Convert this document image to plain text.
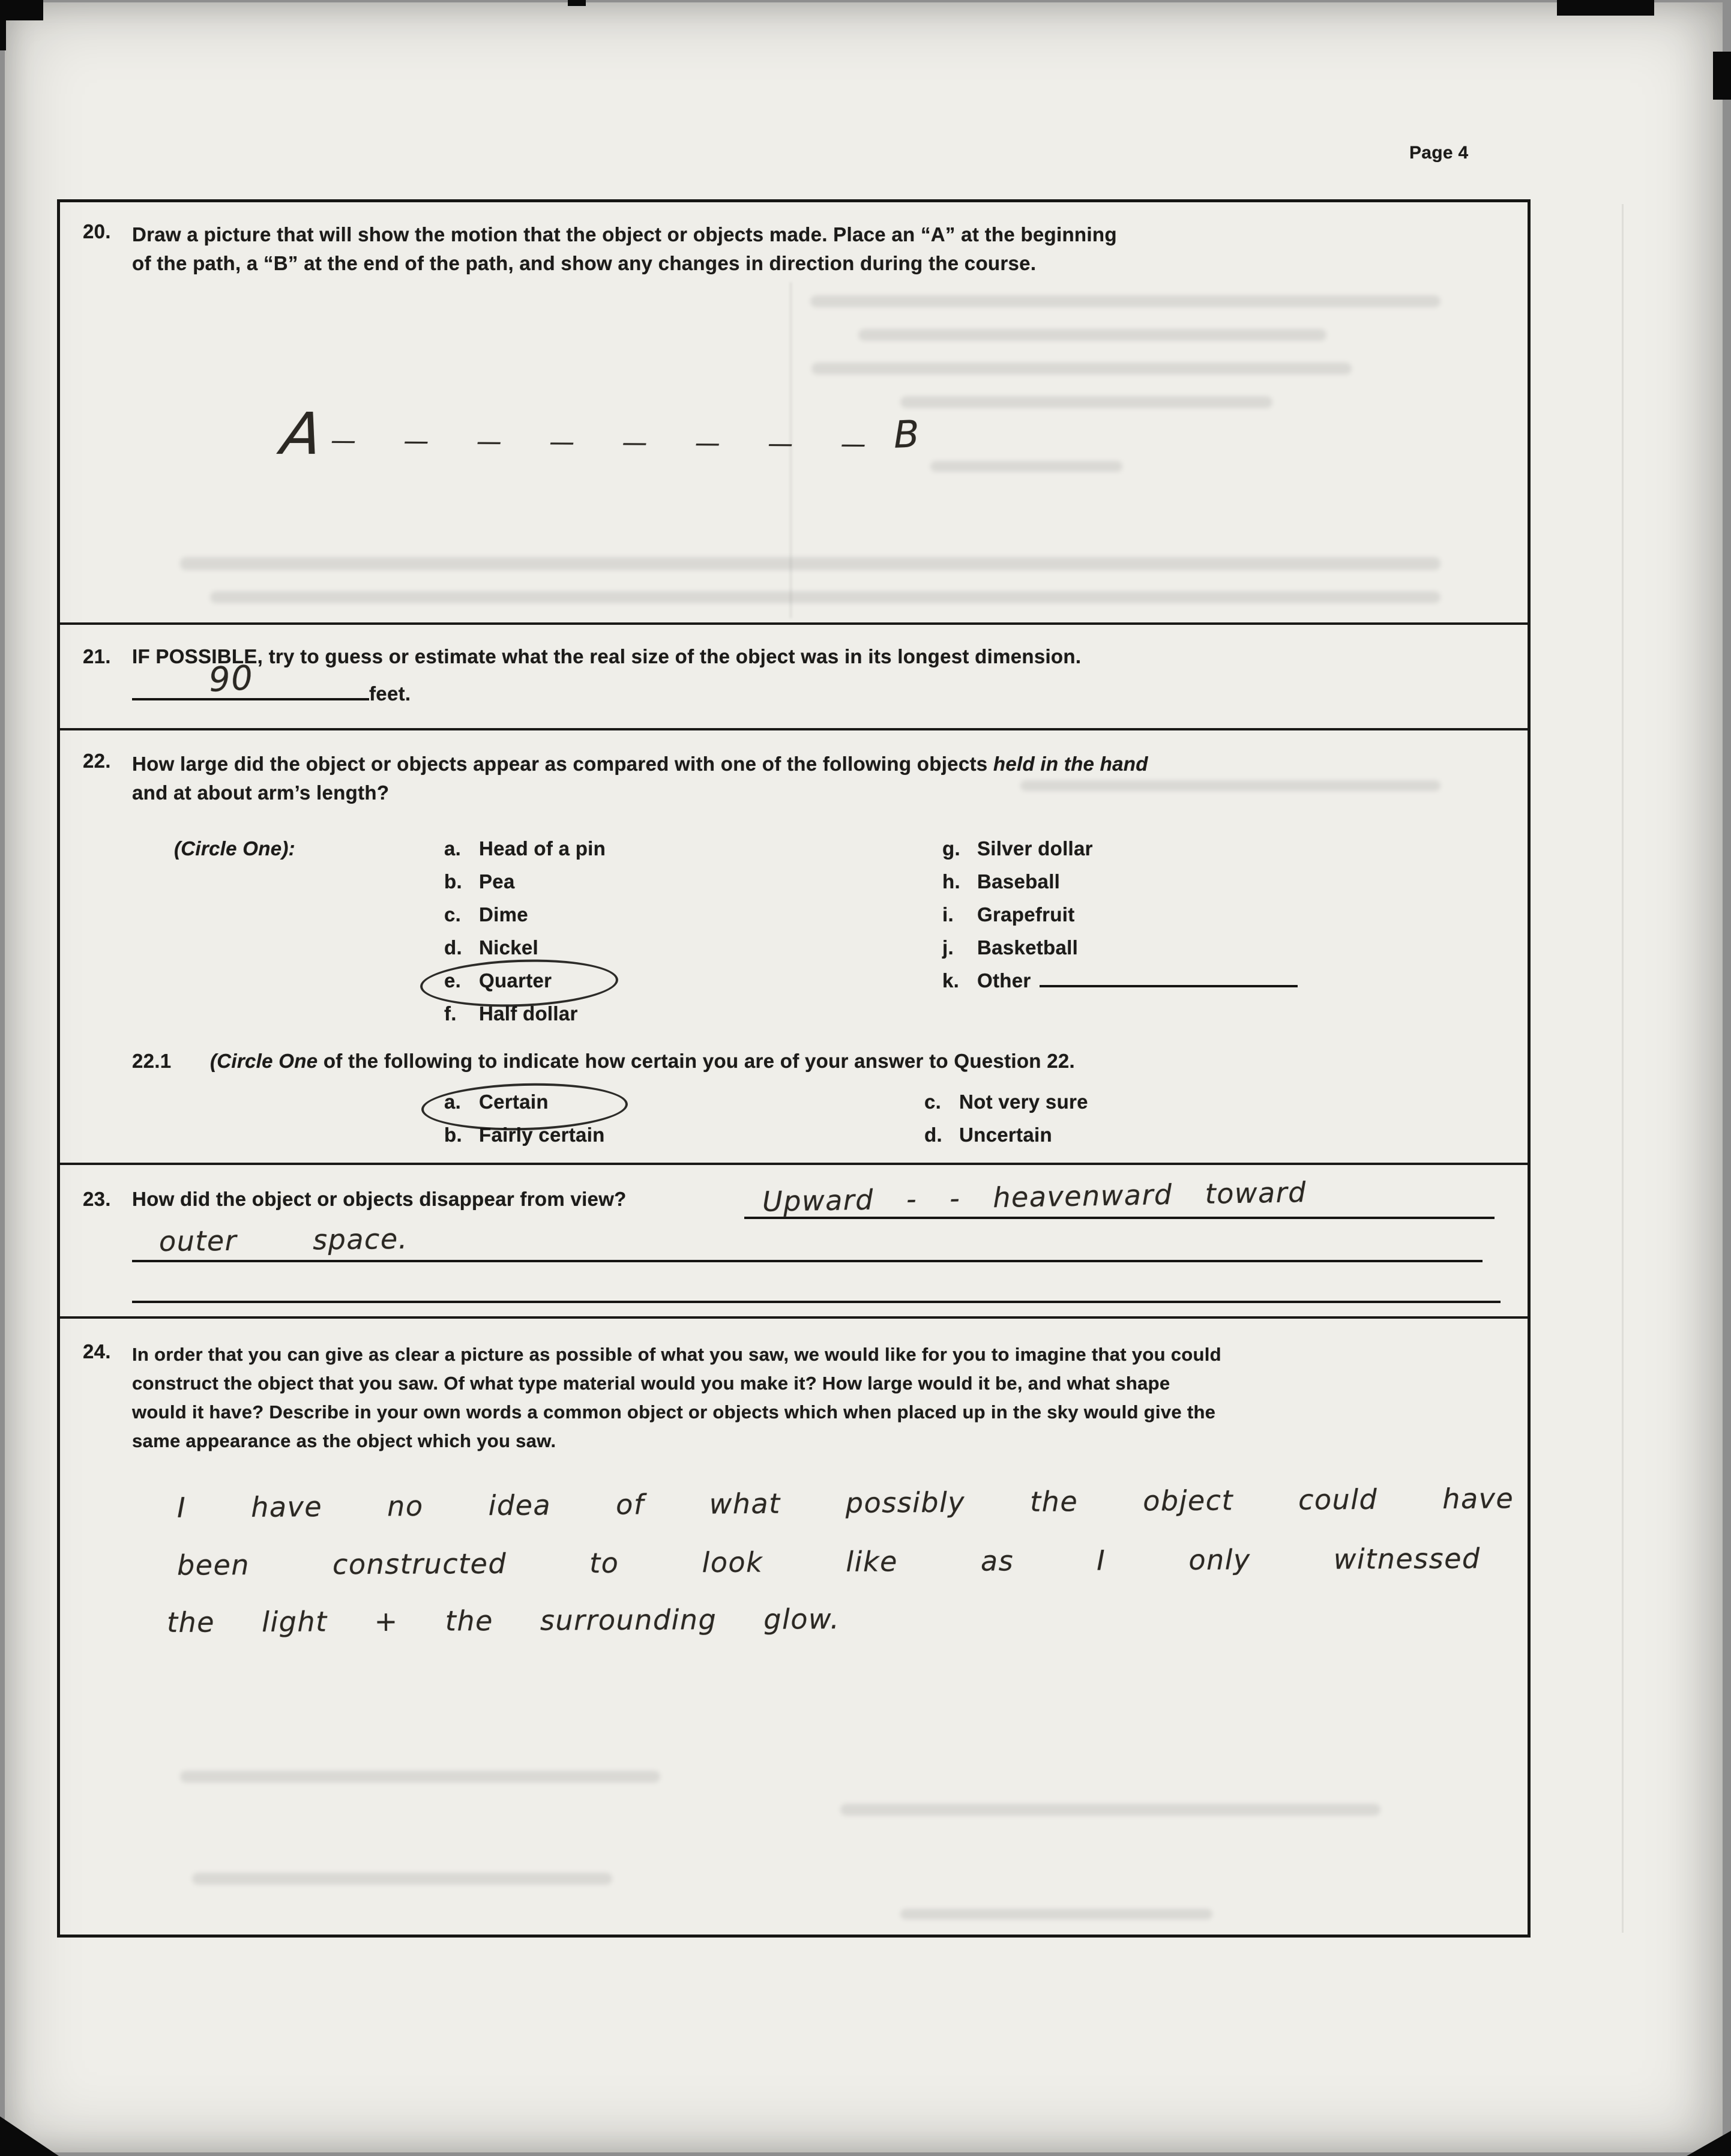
Page 4
20. Draw a picture that will show the motion that the object or objects made. Place an “A” at the beginning
of the path, a “B” at the end of the path, and show any changes in direction during the course.
A — — — — — — — — B
21. IF POSSIBLE, try to guess or estimate what the real size of the object was in its longest dimension.
feet.
90
22. How large did the object or objects appear as compared with one of the following objects held in the hand
and at about arm’s length?
(Circle One):	a. Head of a pin
b. Pea
c. Dime
d. Nickel
e. Quarter
f. Half dollar
g. Silver dollar
h. Baseball
i. Grapefruit
j. Basketball
k. Other
22.1 (Circle One of the following to indicate how certain you are of your answer to Question 22.
a. Certain
b. Fairly certain
c. Not very sure
d. Uncertain
23. How did the object or objects disappear from view?	Upward - - heavenward toward
outer space.
24. In order that you can give as clear a picture as possible of what you saw, we would like for you to imagine that you could
construct the object that you saw. Of what type material would you make it? How large would it be, and what shape
would it have? Describe in your own words a common object or objects which when placed up in the sky would give the
same appearance as the object which you saw.
I have no idea of what possibly the object could have
been constructed to look like as I only witnessed
the light + the surrounding glow.
